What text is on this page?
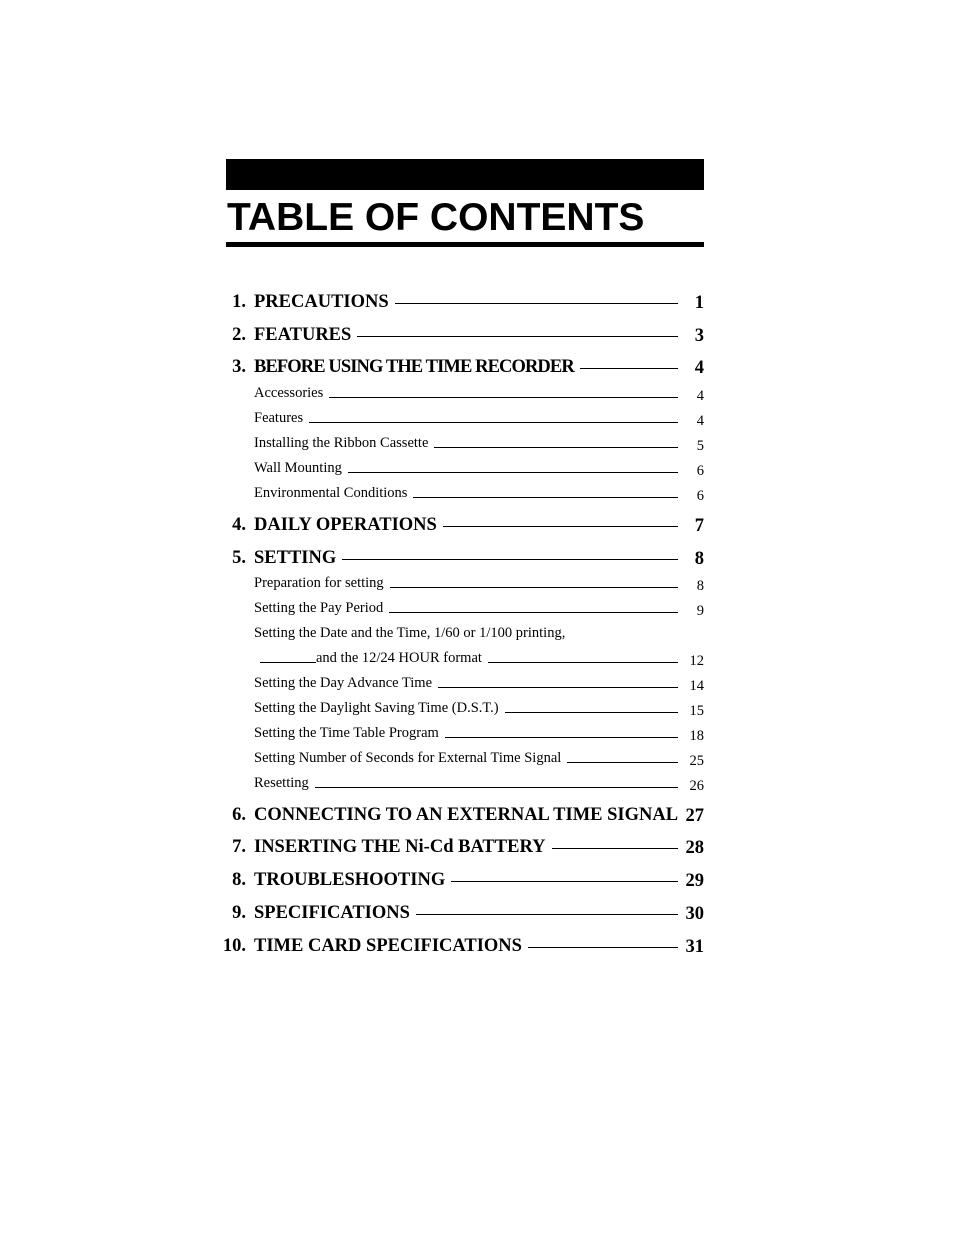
TABLE OF CONTENTS
1. PRECAUTIONS	1
2. FEATURES	3
3. BEFORE USING THE TIME RECORDER	4
Accessories	4
Features	4
Installing the Ribbon Cassette	5
Wall Mounting	6
Environmental Conditions	6
4. DAILY OPERATIONS	7
5. SETTING	8
Preparation for setting	8
Setting the Pay Period	9
Setting the Date and the Time, 1/60 or 1/100 printing,
and the 12/24 HOUR format	12
Setting the Day Advance Time	14
Setting the Daylight Saving Time (D.S.T.)	15
Setting the Time Table Program	18
Setting Number of Seconds for External Time Signal	25
Resetting	26
6. CONNECTING TO AN EXTERNAL TIME SIGNAL 27
7. INSERTING THE Ni-Cd BATTERY	28
8. TROUBLESHOOTING	29
9. SPECIFICATIONS	30
10. TIME CARD SPECIFICATIONS	31
